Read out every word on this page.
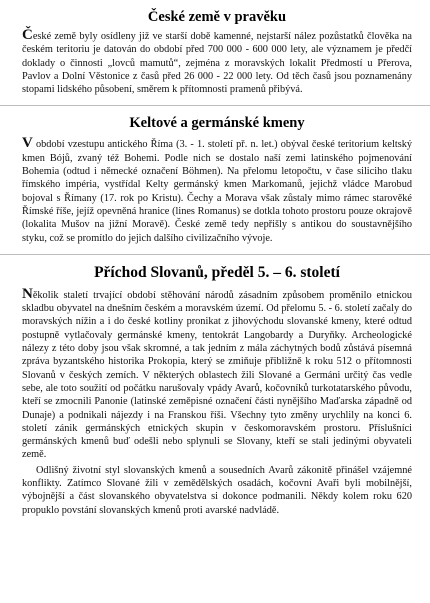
České země v pravěku

České země byly osídleny již ve starší době kamenné, nejstarší nález pozůstatků člověka na českém teritoriu je datován do období před 700 000 - 600 000 lety, ale významem je předčí doklady o činnosti „lovců mamutů“, zejména z moravských lokalit Předmostí u Přerova, Pavlov a Dolní Věstonice z časů před 26 000 - 22 000 lety. Od těch časů jsou poznamenány stopami lidského působení, směrem k přítomnosti pramenů přibývá.

Keltové a germánské kmeny

V období vzestupu antického Říma (3. - 1. století př. n. let.) obýval české teritorium keltský kmen Bójů, zvaný též Bohemi. Podle nich se dostalo naší zemi latinského pojmenování Bohemia (odtud i německé označení Böhmen). Na přelomu letopočtu, v čase siliciho tlaku římského impéria, vystřídal Kelty germánský kmen Markomanů, jejichž vládce Marobud bojoval s Římany (17. rok po Kristu). Čechy a Morava však zůstaly mimo rámec starověké Římské říše, jejíž opevněná hranice (lines Romanus) se dotkla tohoto prostoru pouze okrajově (lokalita Mušov na jižní Moravě). České země tedy nepřišly s antikou do soustavnějšího styku, což se promítlo do jejich dalšího civilizačního vývoje.

Příchod Slovanů, předěl 5. – 6. století

Několik staletí trvající období stěhování národů zásadním způsobem proměnilo etnickou skladbu obyvatel na dnešním českém a moravském území. Od přelomu 5. - 6. století začaly do moravských nížin a i do české kotliny pronikat z jihovýchodu slovanské kmeny, které odtud postupně vytlačovaly germánské kmeny, tentokrát Langobardy a Duryňky. Archeologické nálezy z této doby jsou však skromné, a tak jedním z mála záchytných bodů zůstává písemná zpráva byzantského historika Prokopia, který se zmiňuje přibližně k roku 512 o přítomnosti Slovanů v českých zemích. V některých oblastech žili Slované a Germáni určitý čas vedle sebe, ale toto soužití od počátku narušovaly vpády Avarů, kočovníků turkotatarského původu, kteří se zmocnili Panonie (latinské zeměpisné označení části nynějšího Maďarska západně od Dunaje) a podnikali nájezdy i na Franskou říši. Všechny tyto změny urychlily na konci 6. století zánik germánských etnických skupin v českomoravském prostoru. Příslušníci germánských kmenů buď odešli nebo splynuli se Slovany, kteří se stali jedinými obyvateli země.

Odlišný životní styl slovanských kmenů a sousedních Avarů zákonitě přinášel vzájemné konflikty. Zatímco Slované žili v zemědělských osadách, kočovní Avaři byli mobilnější, výbojnější a část slovanského obyvatelstva si dokonce podmanili. Někdy kolem roku 620 propuklo povstání slovanských kmenů proti avarské nadvládě.
